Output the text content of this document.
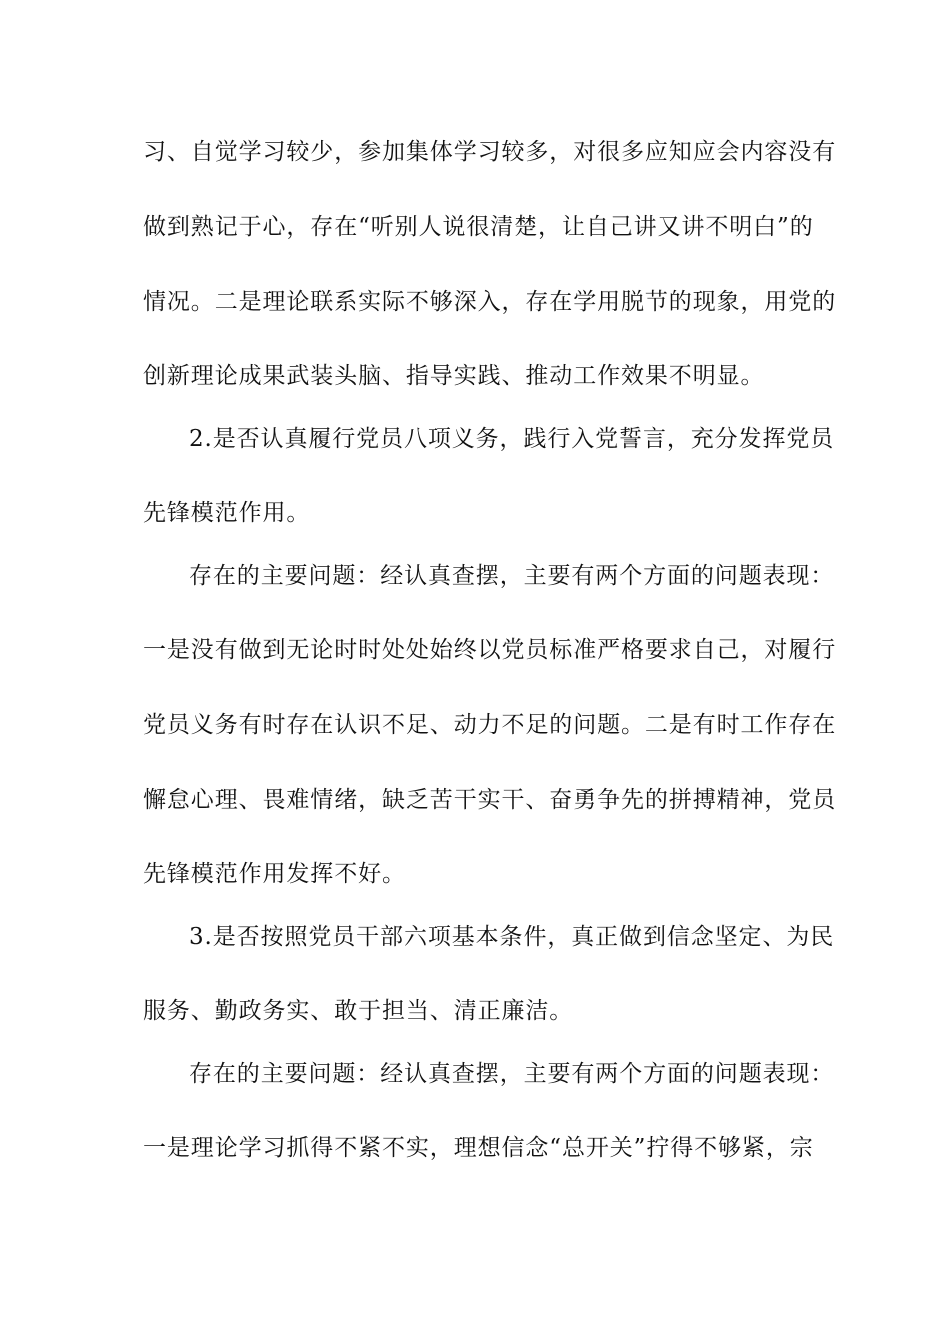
习、自觉学习较少，参加集体学习较多，对很多应知应会内容没有
做到熟记于心，存在“听别人说很清楚，让自己讲又讲不明白”的
情况。二是理论联系实际不够深入，存在学用脱节的现象，用党的
创新理论成果武装头脑、指导实践、推动工作效果不明显。
2.是否认真履行党员八项义务，践行入党誓言，充分发挥党员
先锋模范作用。
存在的主要问题：经认真查摆，主要有两个方面的问题表现：
一是没有做到无论时时处处始终以党员标准严格要求自己，对履行
党员义务有时存在认识不足、动力不足的问题。二是有时工作存在
懈怠心理、畏难情绪，缺乏苦干实干、奋勇争先的拼搏精神，党员
先锋模范作用发挥不好。
3.是否按照党员干部六项基本条件，真正做到信念坚定、为民
服务、勤政务实、敢于担当、清正廉洁。
存在的主要问题：经认真查摆，主要有两个方面的问题表现：
一是理论学习抓得不紧不实，理想信念“总开关”拧得不够紧，宗
